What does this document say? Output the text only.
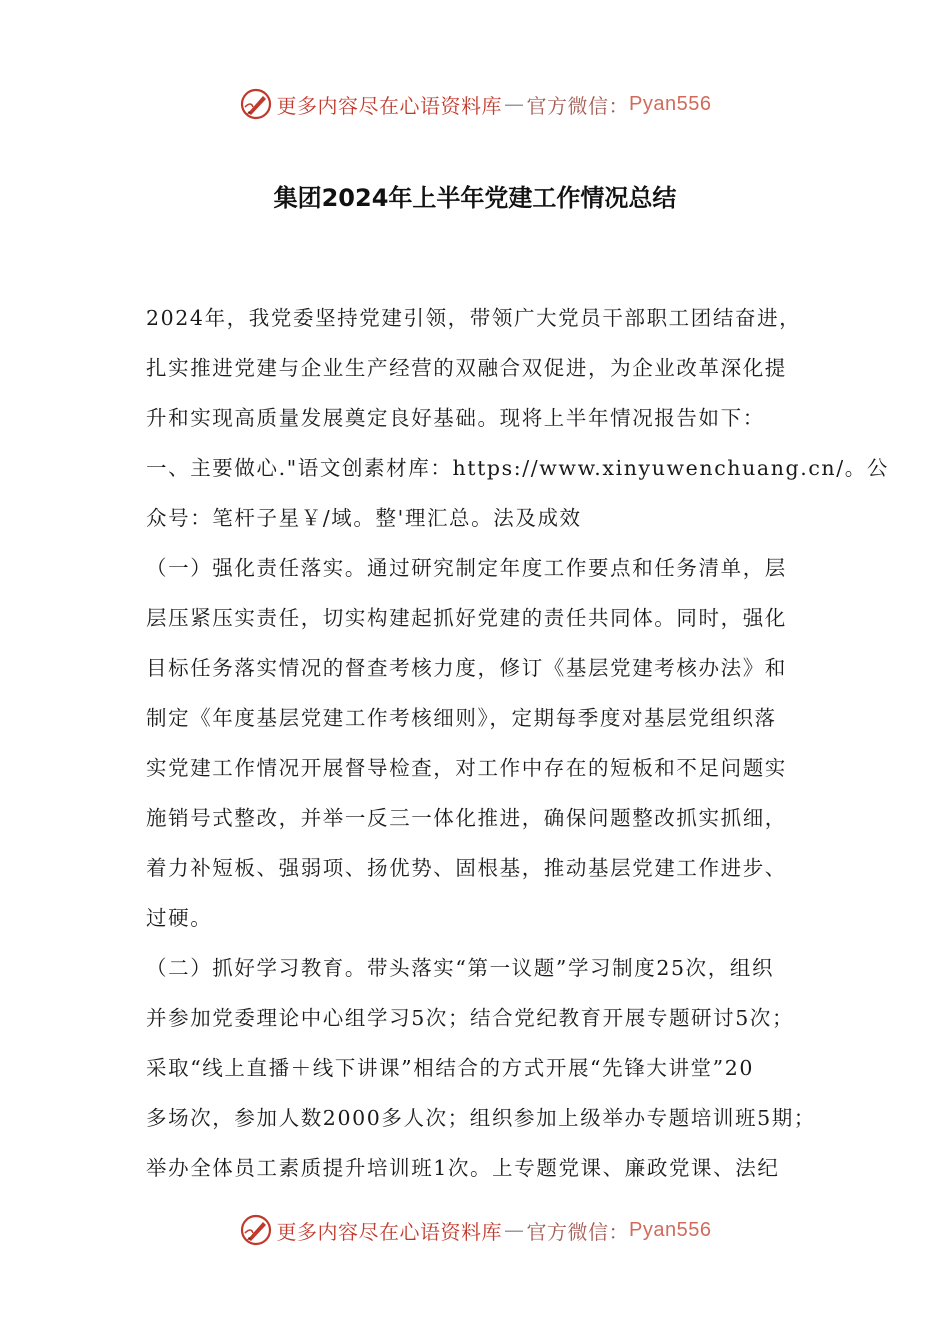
更多内容尽在心语资料库 — 官方微信： Pyan556
集团2024年上半年党建工作情况总结

2024年，我党委坚持党建引领，带领广大党员干部职工团结奋进，

扎实推进党建与企业生产经营的双融合双促进，为企业改革深化提

升和实现高质量发展奠定良好基础。现将上半年情况报告如下：

一、主要做心."语文创素材库：https://www.xinyuwenchuang.cn/。公

众号：笔杆子星￥/域。整'理汇总。法及成效

（一）强化责任落实。通过研究制定年度工作要点和任务清单，层

层压紧压实责任，切实构建起抓好党建的责任共同体。同时，强化

目标任务落实情况的督查考核力度，修订《基层党建考核办法》和

制定《年度基层党建工作考核细则》，定期每季度对基层党组织落

实党建工作情况开展督导检查，对工作中存在的短板和不足问题实

施销号式整改，并举一反三一体化推进，确保问题整改抓实抓细，

着力补短板、强弱项、扬优势、固根基，推动基层党建工作进步、

过硬。

（二）抓好学习教育。带头落实“第一议题”学习制度25次，组织

并参加党委理论中心组学习5次；结合党纪教育开展专题研讨5次；

采取“线上直播＋线下讲课”相结合的方式开展“先锋大讲堂”20

多场次，参加人数2000多人次；组织参加上级举办专题培训班5期；

举办全体员工素质提升培训班1次。上专题党课、廉政党课、法纪

更多内容尽在心语资料库 — 官方微信： Pyan556
